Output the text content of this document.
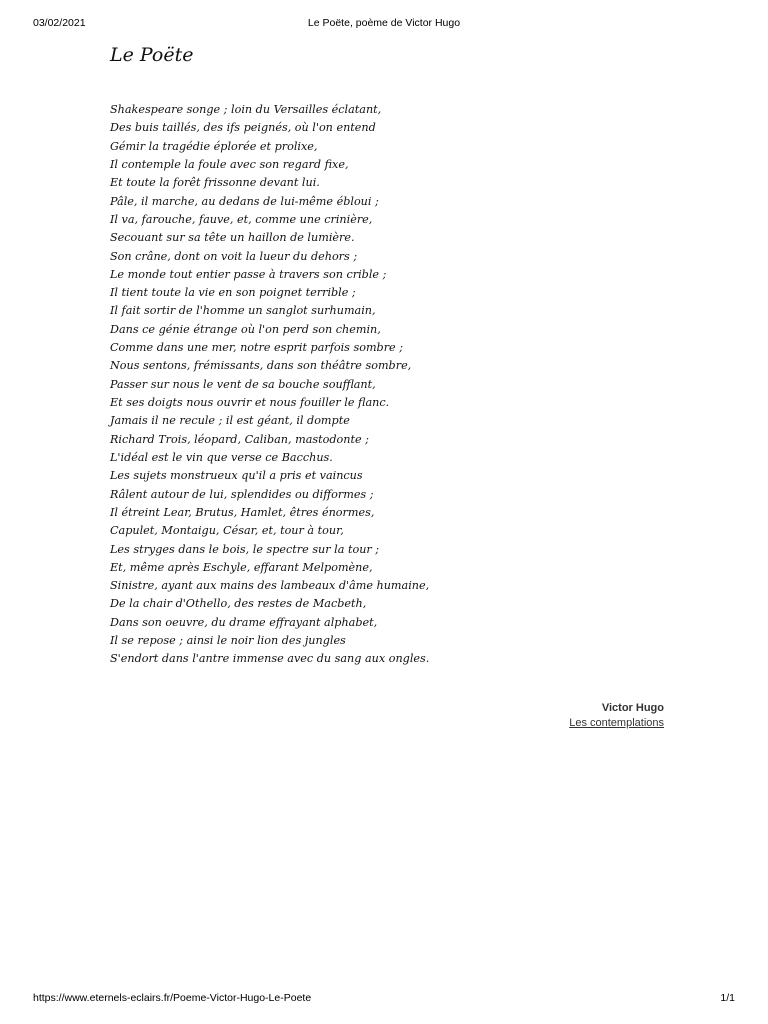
03/02/2021	Le Poëte, poème de Victor Hugo
Le Poëte
Shakespeare songe ; loin du Versailles éclatant,
Des buis taillés, des ifs peignés, où l'on entend
Gémir la tragédie éplorée et prolixe,
Il contemple la foule avec son regard fixe,
Et toute la forêt frissonne devant lui.
Pâle, il marche, au dedans de lui-même ébloui ;
Il va, farouche, fauve, et, comme une crinière,
Secouant sur sa tête un haillon de lumière.
Son crâne, dont on voit la lueur du dehors ;
Le monde tout entier passe à travers son crible ;
Il tient toute la vie en son poignet terrible ;
Il fait sortir de l'homme un sanglot surhumain,
Dans ce génie étrange où l'on perd son chemin,
Comme dans une mer, notre esprit parfois sombre ;
Nous sentons, frémissants, dans son théâtre sombre,
Passer sur nous le vent de sa bouche soufflant,
Et ses doigts nous ouvrir et nous fouiller le flanc.
Jamais il ne recule ; il est géant, il dompte
Richard Trois, léopard, Caliban, mastodonte ;
L'idéal est le vin que verse ce Bacchus.
Les sujets monstrueux qu'il a pris et vaincus
Râlent autour de lui, splendides ou difformes ;
Il étreint Lear, Brutus, Hamlet, êtres énormes,
Capulet, Montaigu, César, et, tour à tour,
Les stryges dans le bois, le spectre sur la tour ;
Et, même après Eschyle, effarant Melpomène,
Sinistre, ayant aux mains des lambeaux d'âme humaine,
De la chair d'Othello, des restes de Macbeth,
Dans son oeuvre, du drame effrayant alphabet,
Il se repose ; ainsi le noir lion des jungles
S'endort dans l'antre immense avec du sang aux ongles.
Victor Hugo
Les contemplations
https://www.eternels-eclairs.fr/Poeme-Victor-Hugo-Le-Poete	1/1
